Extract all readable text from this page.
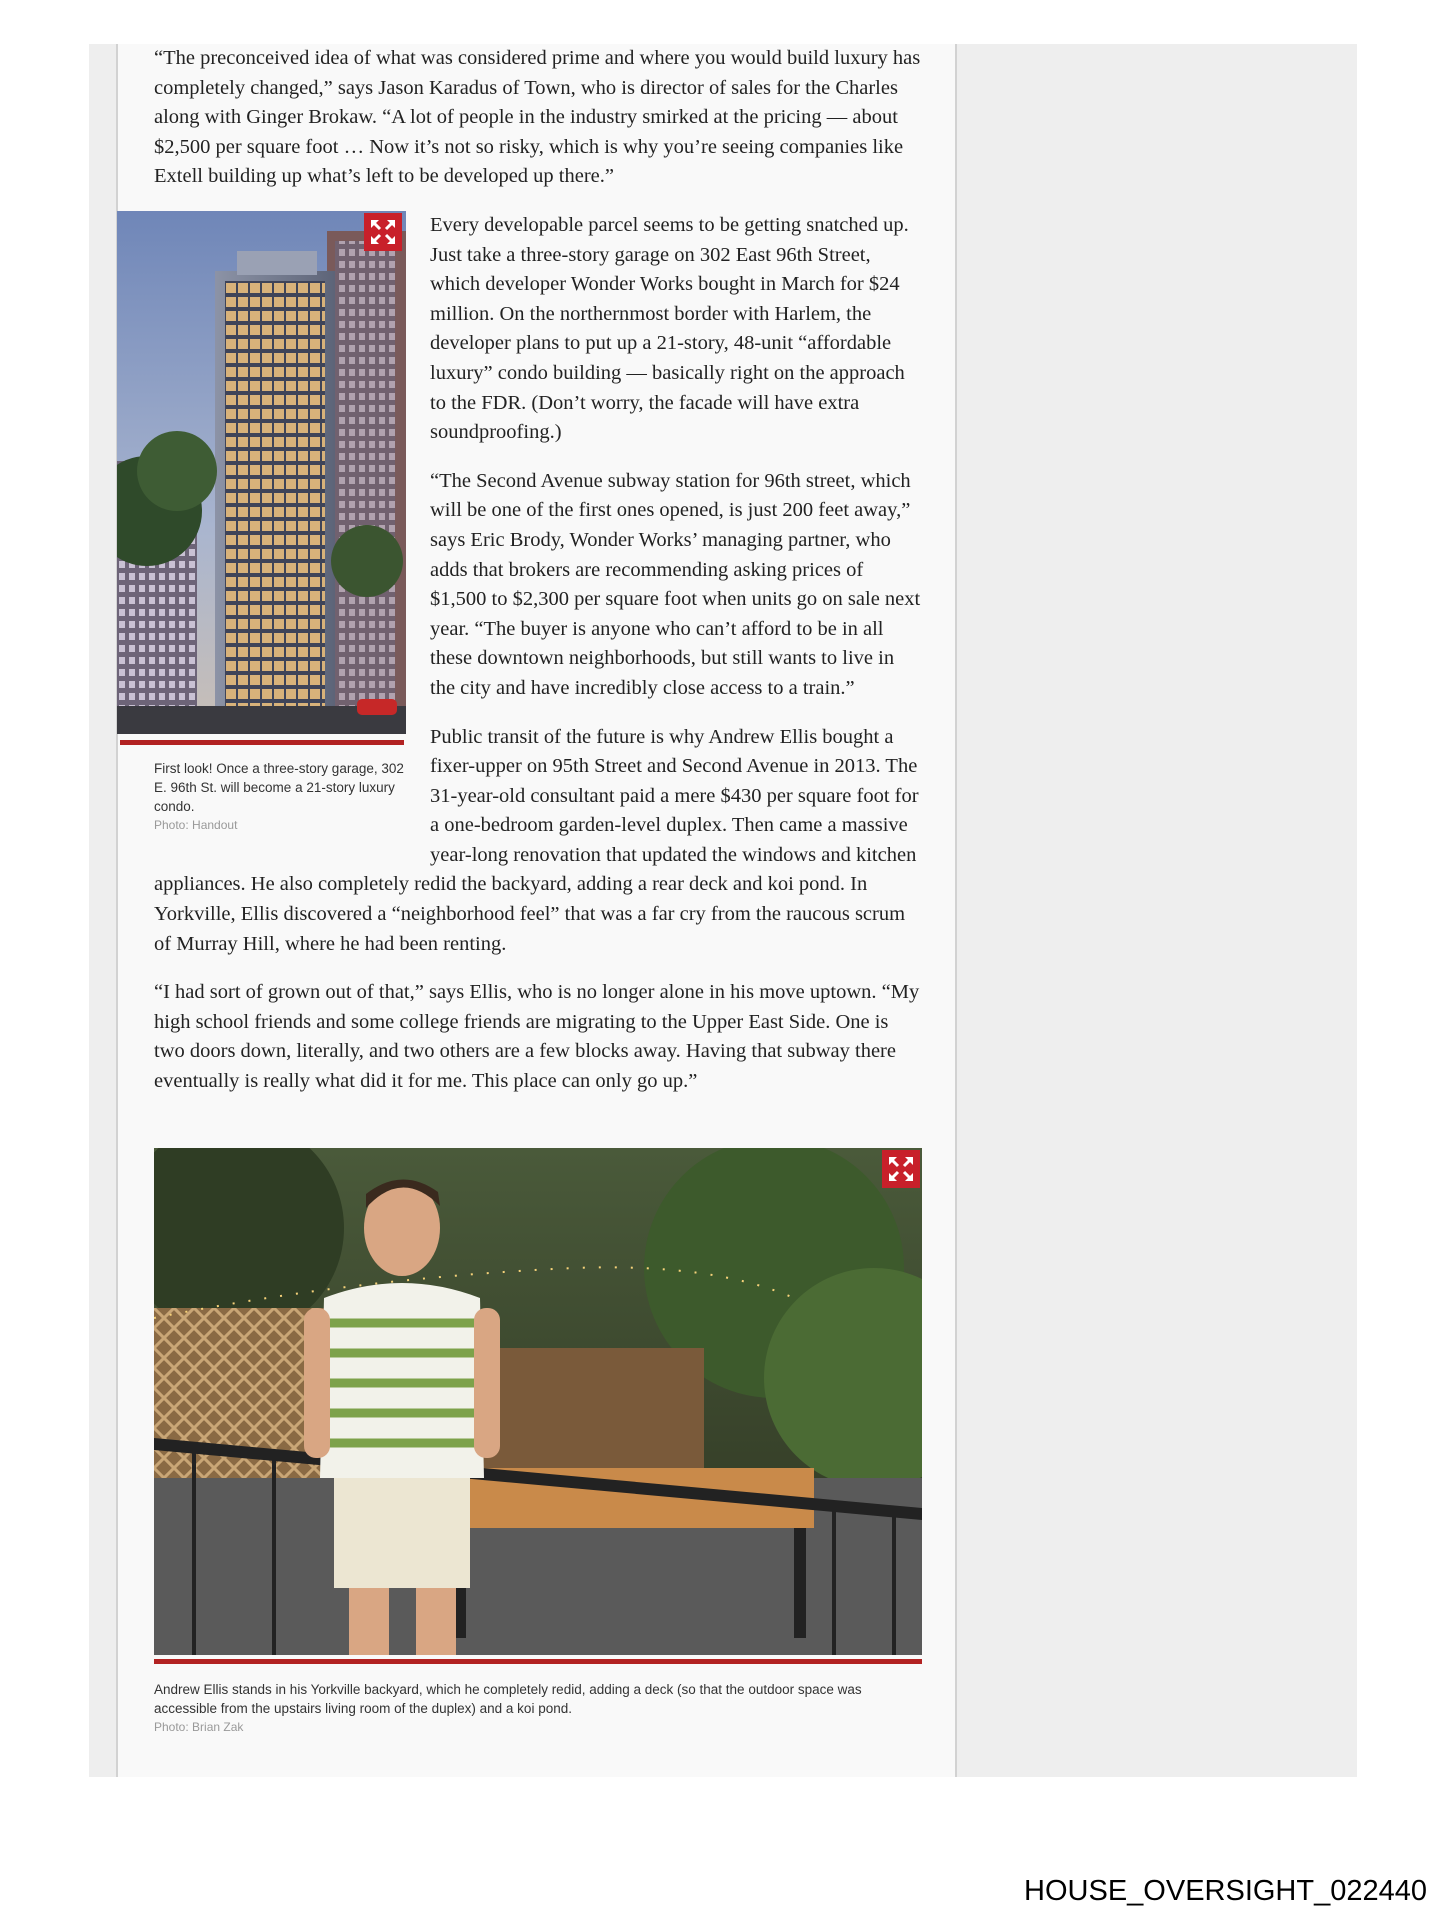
“The preconceived idea of what was considered prime and where you would build luxury has completely changed,” says Jason Karadus of Town, who is director of sales for the Charles along with Ginger Brokaw. “A lot of people in the industry smirked at the pricing — about $2,500 per square foot … Now it’s not so risky, which is why you’re seeing companies like Extell building up what’s left to be developed up there.”

First look! Once a three-story garage, 302 E. 96th St. will become a 21-story luxury condo.
Photo: Handout

Every developable parcel seems to be getting snatched up. Just take a three-story garage on 302 East 96th Street, which developer Wonder Works bought in March for $24 million. On the northernmost border with Harlem, the developer plans to put up a 21-story, 48-unit “affordable luxury” condo building — basically right on the approach to the FDR. (Don’t worry, the facade will have extra soundproofing.)

“The Second Avenue subway station for 96th street, which will be one of the first ones opened, is just 200 feet away,” says Eric Brody, Wonder Works’ managing partner, who adds that brokers are recommending asking prices of $1,500 to $2,300 per square foot when units go on sale next year. “The buyer is anyone who can’t afford to be in all these downtown neighborhoods, but still wants to live in the city and have incredibly close access to a train.”

Public transit of the future is why Andrew Ellis bought a fixer-upper on 95th Street and Second Avenue in 2013. The 31-year-old consultant paid a mere $430 per square foot for a one-bedroom garden-level duplex. Then came a massive year-long renovation that updated the windows and kitchen appliances. He also completely redid the backyard, adding a rear deck and koi pond. In Yorkville, Ellis discovered a “neighborhood feel” that was a far cry from the raucous scrum of Murray Hill, where he had been renting.

“I had sort of grown out of that,” says Ellis, who is no longer alone in his move uptown. “My high school friends and some college friends are migrating to the Upper East Side. One is two doors down, literally, and two others are a few blocks away. Having that subway there eventually is really what did it for me. This place can only go up.”

Andrew Ellis stands in his Yorkville backyard, which he completely redid, adding a deck (so that the outdoor space was accessible from the upstairs living room of the duplex) and a koi pond.
Photo: Brian Zak
HOUSE_OVERSIGHT_022440
